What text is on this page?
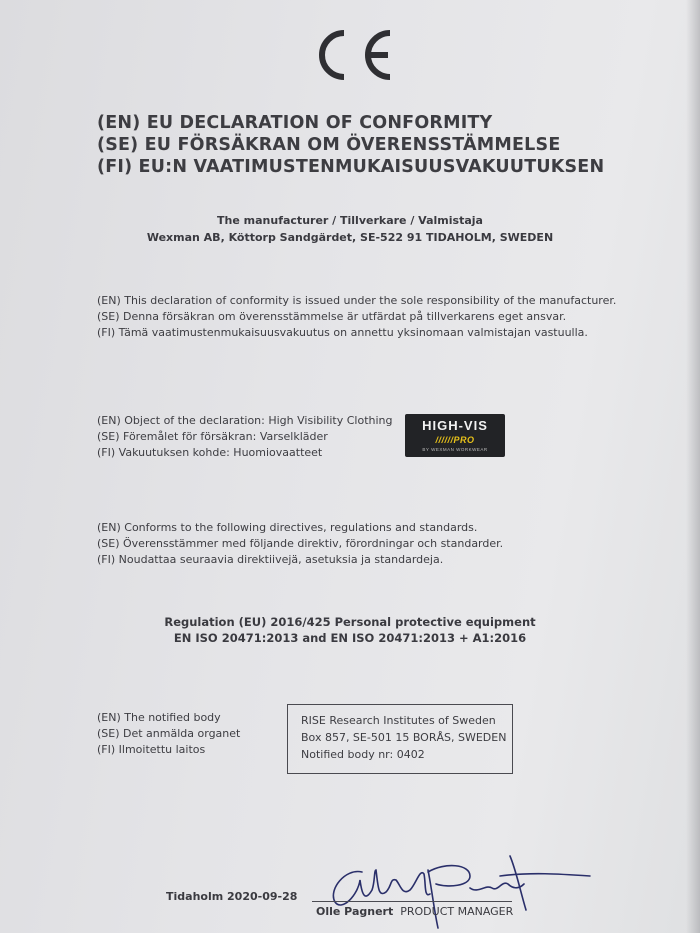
(EN) EU DECLARATION OF CONFORMITY
(SE) EU FÖRSÄKRAN OM ÖVERENSSTÄMMELSE
(FI) EU:N VAATIMUSTENMUKAISUUSVAKUUTUKSEN
The manufacturer / Tillverkare / Valmistaja
Wexman AB, Köttorp Sandgärdet, SE-522 91 TIDAHOLM, SWEDEN
(EN) This declaration of conformity is issued under the sole responsibility of the manufacturer.
(SE) Denna försäkran om överensstämmelse är utfärdat på tillverkarens eget ansvar.
(FI) Tämä vaatimustenmukaisuusvakuutus on annettu yksinomaan valmistajan vastuulla.
(EN) Object of the declaration: High Visibility Clothing
(SE) Föremålet för försäkran: Varselkläder
(FI) Vakuutuksen kohde: Huomiovaatteet
HIGH-VIS
//////PRO
BY WEXMAN WORKWEAR
(EN) Conforms to the following directives, regulations and standards.
(SE) Överensstämmer med följande direktiv, förordningar och standarder.
(FI) Noudattaa seuraavia direktiivejä, asetuksia ja standardeja.
Regulation (EU) 2016/425 Personal protective equipment
EN ISO 20471:2013 and EN ISO 20471:2013 + A1:2016
(EN) The notified body
(SE) Det anmälda organet
(FI) Ilmoitettu laitos
RISE Research Institutes of Sweden
Box 857, SE-501 15 BORÅS, SWEDEN
Notified body nr: 0402
Tidaholm 2020-09-28
Olle Pagnert PRODUCT MANAGER
